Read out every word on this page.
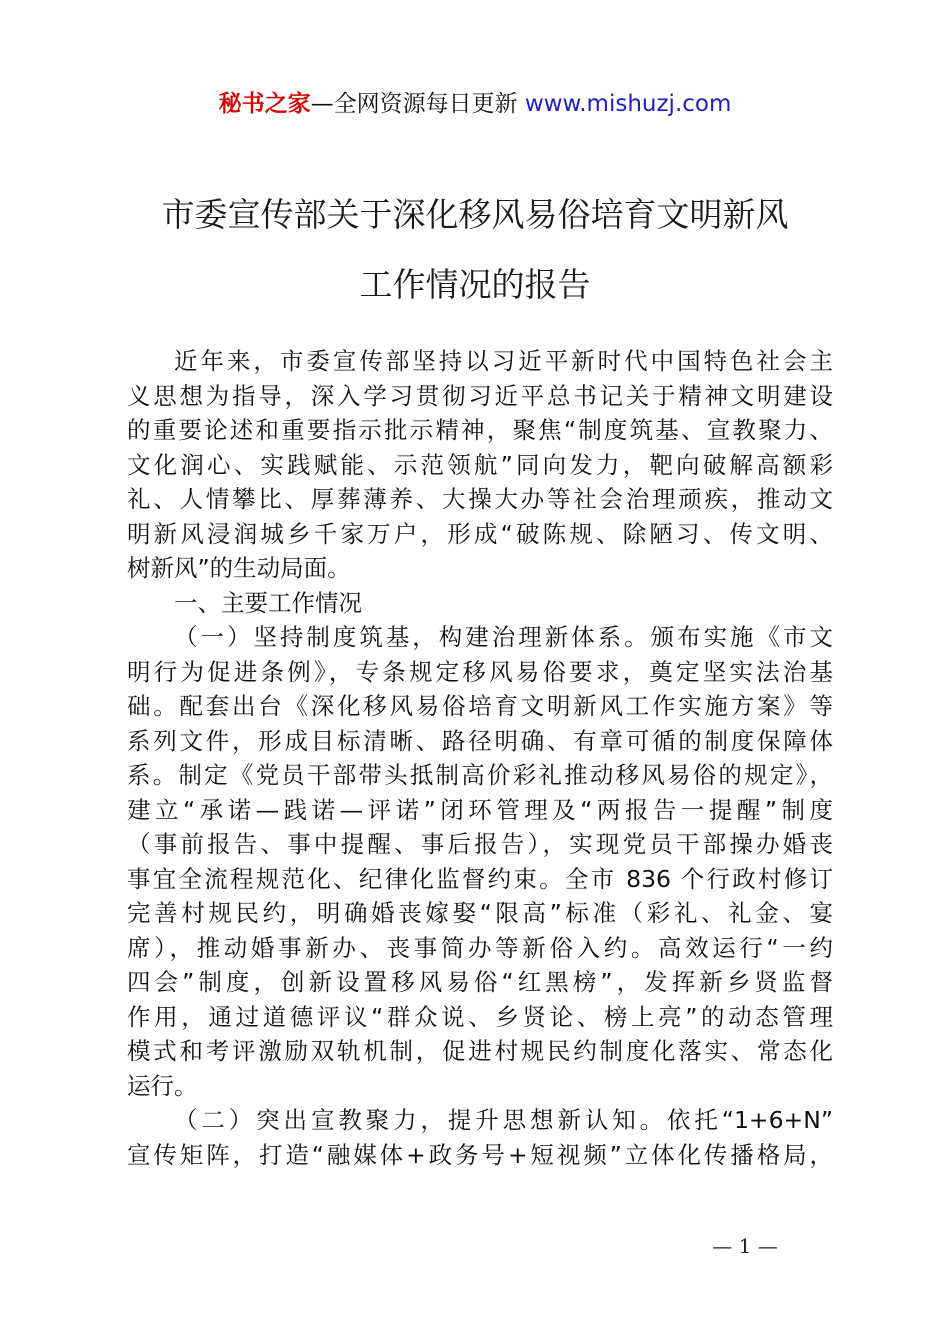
秘书之家—全网资源每日更新 www.mishuzj.com
市委宣传部关于深化移风易俗培育文明新风
工作情况的报告
近年来，市委宣传部坚持以习近平新时代中国特色社会主
义思想为指导，深入学习贯彻习近平总书记关于精神文明建设
的重要论述和重要指示批示精神，聚焦“制度筑基、宣教聚力、
文化润心、实践赋能、示范领航”同向发力，靶向破解高额彩
礼、人情攀比、厚葬薄养、大操大办等社会治理顽疾，推动文
明新风浸润城乡千家万户，形成“破陈规、除陋习、传文明、
树新风”的生动局面。
一、主要工作情况
（一）坚持制度筑基，构建治理新体系。颁布实施《市文
明行为促进条例》，专条规定移风易俗要求，奠定坚实法治基
础。配套出台《深化移风易俗培育文明新风工作实施方案》等
系列文件，形成目标清晰、路径明确、有章可循的制度保障体
系。制定《党员干部带头抵制高价彩礼推动移风易俗的规定》，
建立“承诺—践诺—评诺”闭环管理及“两报告一提醒”制度
（事前报告、事中提醒、事后报告），实现党员干部操办婚丧
事宜全流程规范化、纪律化监督约束。全市 836 个行政村修订
完善村规民约，明确婚丧嫁娶“限高”标准（彩礼、礼金、宴
席），推动婚事新办、丧事简办等新俗入约。高效运行“一约
四会”制度，创新设置移风易俗“红黑榜”，发挥新乡贤监督
作用，通过道德评议“群众说、乡贤论、榜上亮”的动态管理
模式和考评激励双轨机制，促进村规民约制度化落实、常态化
运行。
（二）突出宣教聚力，提升思想新认知。依托“1+6+N”
宣传矩阵，打造“融媒体+政务号+短视频”立体化传播格局，
— 1 —
